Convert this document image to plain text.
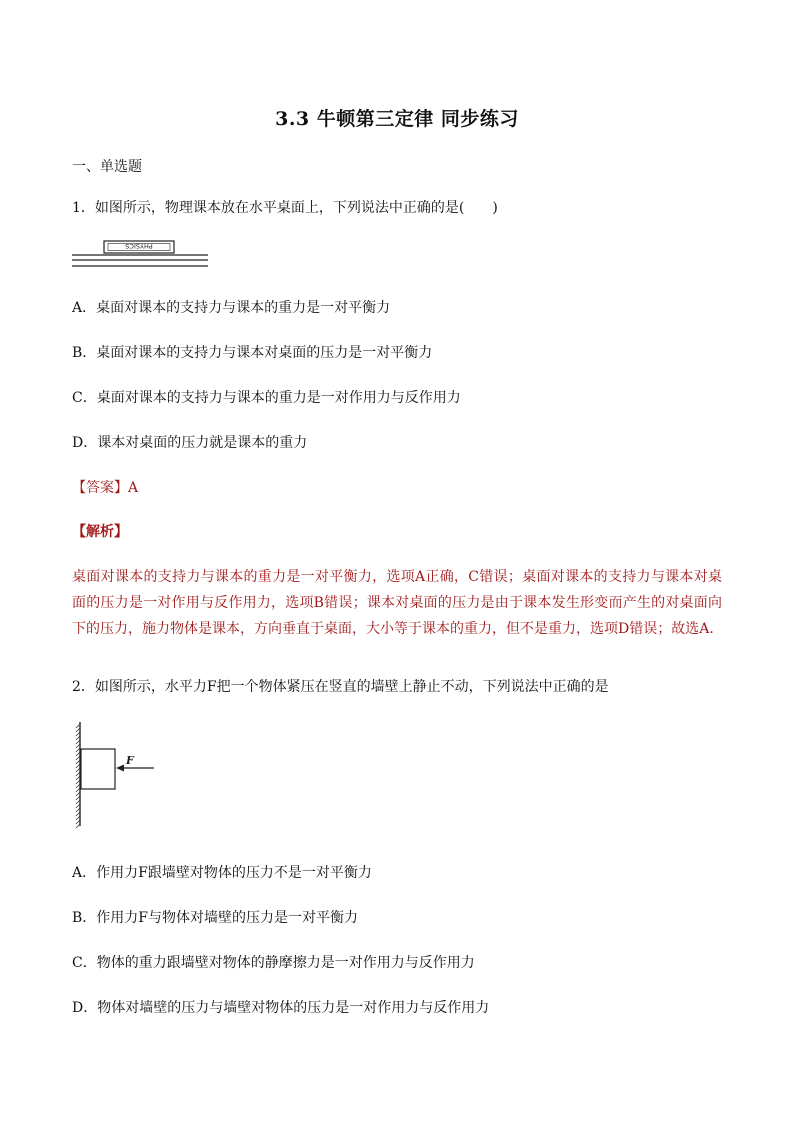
3.3 牛顿第三定律 同步练习
一、单选题
1．如图所示，物理课本放在水平桌面上，下列说法中正确的是(　　)
PHYSICS
A．桌面对课本的支持力与课本的重力是一对平衡力
B．桌面对课本的支持力与课本对桌面的压力是一对平衡力
C．桌面对课本的支持力与课本的重力是一对作用力与反作用力
D．课本对桌面的压力就是课本的重力
【答案】A
【解析】
桌面对课本的支持力与课本的重力是一对平衡力，选项A正确，C错误；桌面对课本的支持力与课本对桌面的压力是一对作用与反作用力，选项B错误；课本对桌面的压力是由于课本发生形变而产生的对桌面向下的压力，施力物体是课本，方向垂直于桌面，大小等于课本的重力，但不是重力，选项D错误；故选A.
2．如图所示，水平力F把一个物体紧压在竖直的墙壁上静止不动，下列说法中正确的是
F
A．作用力F跟墙壁对物体的压力不是一对平衡力
B．作用力F与物体对墙壁的压力是一对平衡力
C．物体的重力跟墙壁对物体的静摩擦力是一对作用力与反作用力
D．物体对墙壁的压力与墙壁对物体的压力是一对作用力与反作用力
